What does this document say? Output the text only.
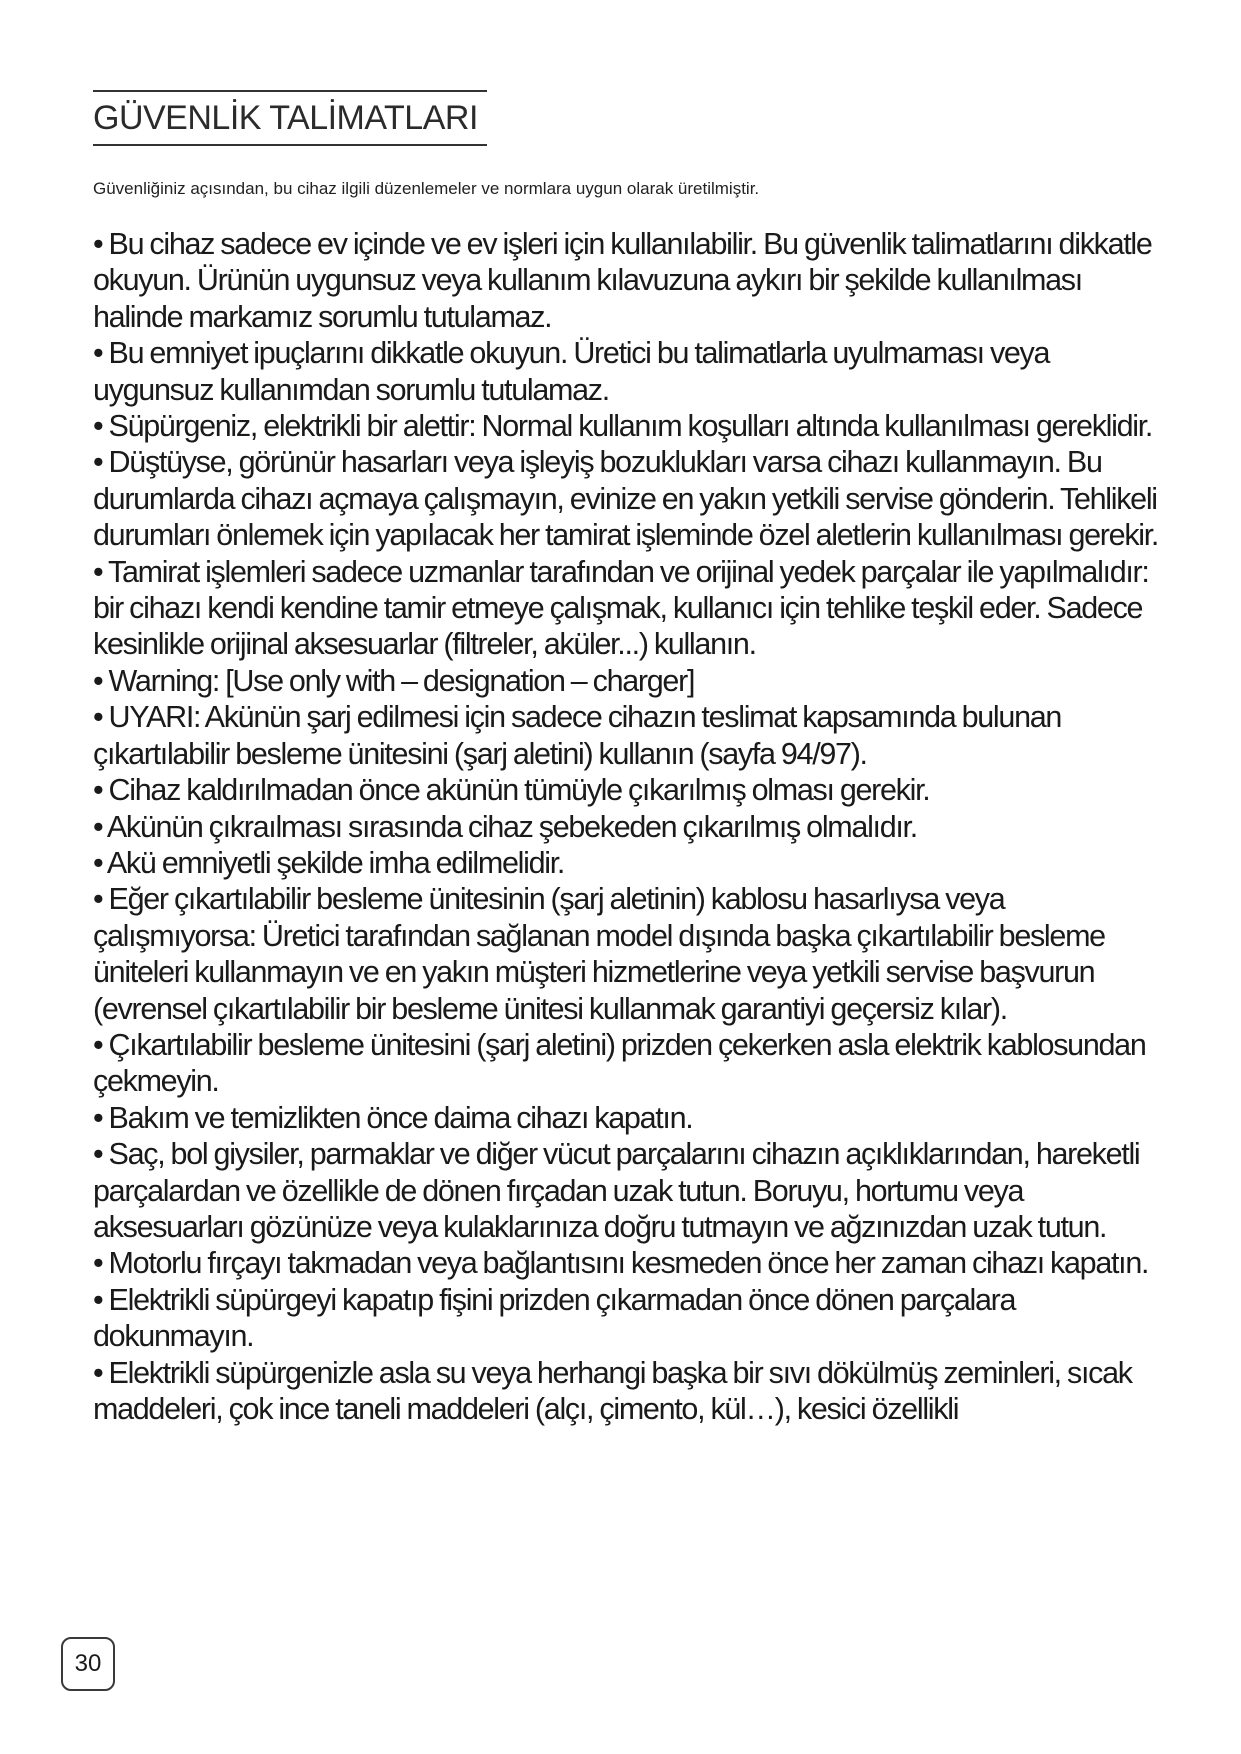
GÜVENLİK TALİMATLARI
Güvenliğiniz açısından, bu cihaz ilgili düzenlemeler ve normlara uygun olarak üretilmiştir.

• Bu cihaz sadece ev içinde ve ev işleri için kullanılabilir. Bu güvenlik talimatlarını dikkatle okuyun. Ürünün uygunsuz veya kullanım kılavuzuna aykırı bir şekilde kullanılması halinde markamız sorumlu tutulamaz.

• Bu emniyet ipuçlarını dikkatle okuyun. Üretici bu talimatlarla uyulmaması veya uygunsuz kullanımdan sorumlu tutulamaz.

• Süpürgeniz, elektrikli bir alettir: Normal kullanım koşulları altında kullanılması gereklidir.

• Düştüyse, görünür hasarları veya işleyiş bozuklukları varsa cihazı kullanmayın. Bu durumlarda cihazı açmaya çalışmayın, evinize en yakın yetkili servise gönderin. Tehlikeli durumları önlemek için yapılacak her tamirat işleminde özel aletlerin kullanılması gerekir.

• Tamirat işlemleri sadece uzmanlar tarafından ve orijinal yedek parçalar ile yapılmalıdır: bir cihazı kendi kendine tamir etmeye çalışmak, kullanıcı için tehlike teşkil eder. Sadece kesinlikle orijinal aksesuarlar (filtreler, aküler...) kullanın.

• Warning: [Use only with – designation – charger]

• UYARI: Akünün şarj edilmesi için sadece cihazın teslimat kapsamında bulunan çıkartılabilir besleme ünitesini (şarj aletini) kullanın (sayfa 94/97).

• Cihaz kaldırılmadan önce akünün tümüyle çıkarılmış olması gerekir.

• Akünün çıkraılması sırasında cihaz şebekeden çıkarılmış olmalıdır.

• Akü emniyetli şekilde imha edilmelidir.

• Eğer çıkartılabilir besleme ünitesinin (şarj aletinin) kablosu hasarlıysa veya çalışmıyorsa: Üretici tarafından sağlanan model dışında başka çıkartılabilir besleme üniteleri kullanmayın ve en yakın müşteri hizmetlerine veya yetkili servise başvurun (evrensel çıkartılabilir bir besleme ünitesi kullanmak garantiyi geçersiz kılar).

• Çıkartılabilir besleme ünitesini (şarj aletini) prizden çekerken asla elektrik kablosundan çekmeyin.

• Bakım ve temizlikten önce daima cihazı kapatın.

• Saç, bol giysiler, parmaklar ve diğer vücut parçalarını cihazın açıklıklarından, hareketli parçalardan ve özellikle de dönen fırçadan uzak tutun. Boruyu, hortumu veya aksesuarları gözünüze veya kulaklarınıza doğru tutmayın ve ağzınızdan uzak tutun.

• Motorlu fırçayı takmadan veya bağlantısını kesmeden önce her zaman cihazı kapatın.

• Elektrikli süpürgeyi kapatıp fişini prizden çıkarmadan önce dönen parçalara dokunmayın.

• Elektrikli süpürgenizle asla su veya herhangi başka bir sıvı dökülmüş zeminleri, sıcak maddeleri, çok ince taneli maddeleri (alçı, çimento, kül…), kesici özellikli

30
